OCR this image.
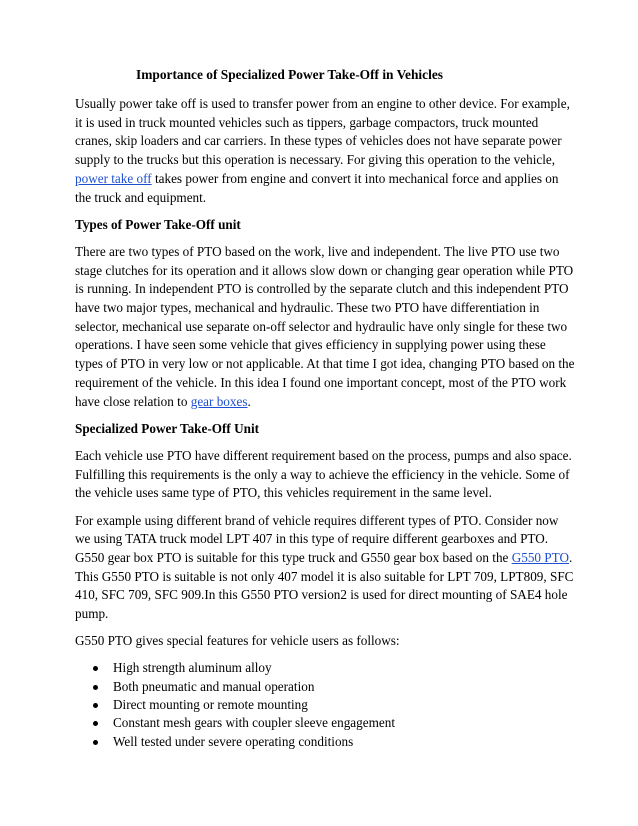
Importance of Specialized Power Take-Off in Vehicles

Usually power take off is used to transfer power from an engine to other device. For example, it is used in truck mounted vehicles such as tippers, garbage compactors, truck mounted cranes, skip loaders and car carriers. In these types of vehicles does not have separate power supply to the trucks but this operation is necessary. For giving this operation to the vehicle, power take off takes power from engine and convert it into mechanical force and applies on the truck and equipment.

Types of Power Take-Off unit

There are two types of PTO based on the work, live and independent. The live PTO use two stage clutches for its operation and it allows slow down or changing gear operation while PTO is running. In independent PTO is controlled by the separate clutch and this independent PTO have two major types, mechanical and hydraulic. These two PTO have differentiation in selector, mechanical use separate on-off selector and hydraulic have only single for these two operations. I have seen some vehicle that gives efficiency in supplying power using these types of PTO in very low or not applicable. At that time I got idea, changing PTO based on the requirement of the vehicle. In this idea I found one important concept, most of the PTO work have close relation to gear boxes.

Specialized Power Take-Off Unit

Each vehicle use PTO have different requirement based on the process, pumps and also space. Fulfilling this requirements is the only a way to achieve the efficiency in the vehicle. Some of the vehicle uses same type of PTO, this vehicles requirement in the same level.

For example using different brand of vehicle requires different types of PTO. Consider now we using TATA truck model LPT 407 in this type of require different gearboxes and PTO. G550 gear box PTO is suitable for this type truck and G550 gear box based on the G550 PTO. This G550 PTO is suitable is not only 407 model it is also suitable for LPT 709, LPT809, SFC 410, SFC 709, SFC 909.In this G550 PTO version2 is used for direct mounting of SAE4 hole pump.

G550 PTO gives special features for vehicle users as follows:

High strength aluminum alloy
Both pneumatic and manual operation
Direct mounting or remote mounting
Constant mesh gears with coupler sleeve engagement
Well tested under severe operating conditions
